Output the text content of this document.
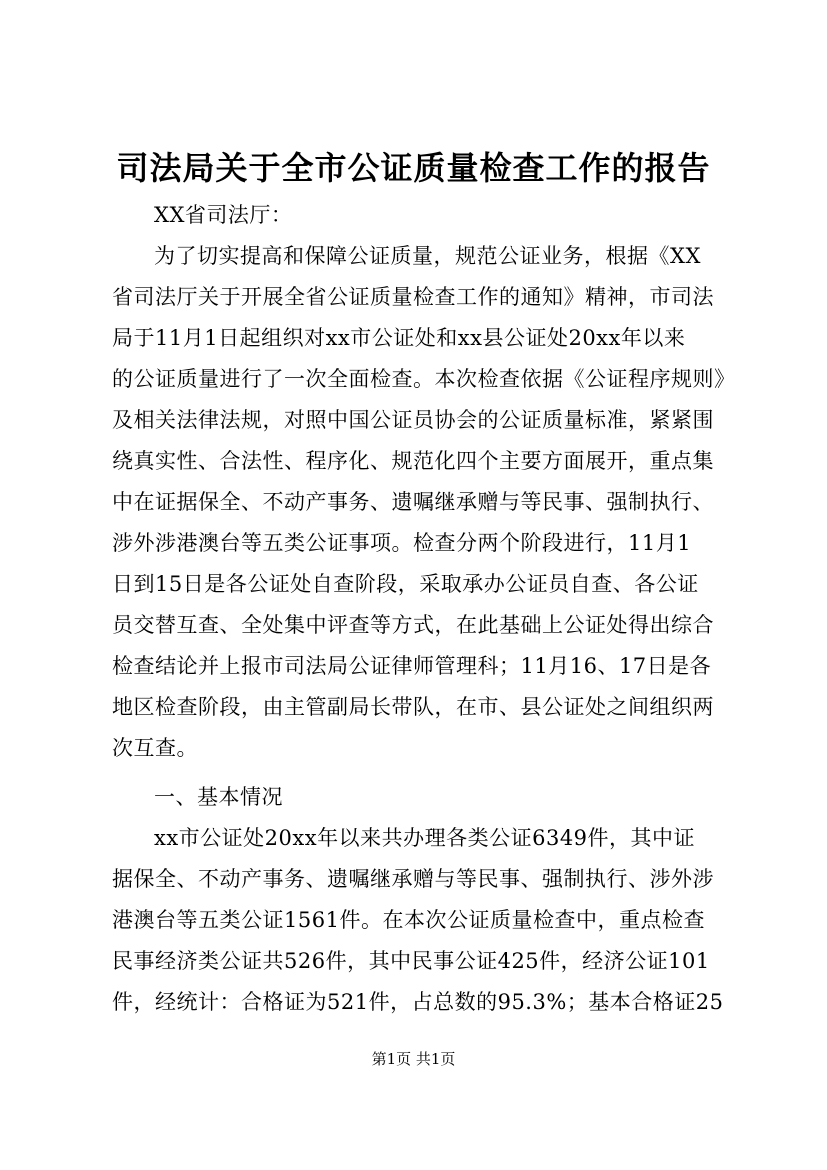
司法局关于全市公证质量检查工作的报告
XX省司法厅：
为了切实提高和保障公证质量，规范公证业务，根据《XX
省司法厅关于开展全省公证质量检查工作的通知》精神，市司法
局于11月1日起组织对xx市公证处和xx县公证处20xx年以来
的公证质量进行了一次全面检查。本次检查依据《公证程序规则》
及相关法律法规，对照中国公证员协会的公证质量标准，紧紧围
绕真实性、合法性、程序化、规范化四个主要方面展开，重点集
中在证据保全、不动产事务、遗嘱继承赠与等民事、强制执行、
涉外涉港澳台等五类公证事项。检查分两个阶段进行，11月1
日到15日是各公证处自查阶段，采取承办公证员自查、各公证
员交替互查、全处集中评查等方式，在此基础上公证处得出综合
检查结论并上报市司法局公证律师管理科；11月16、17日是各
地区检查阶段，由主管副局长带队，在市、县公证处之间组织两
次互查。
一、基本情况
xx市公证处20xx年以来共办理各类公证6349件，其中证
据保全、不动产事务、遗嘱继承赠与等民事、强制执行、涉外涉
港澳台等五类公证1561件。在本次公证质量检查中，重点检查
民事经济类公证共526件，其中民事公证425件，经济公证101
件，经统计：合格证为521件，占总数的95.3%；基本合格证25
第1页 共1页
